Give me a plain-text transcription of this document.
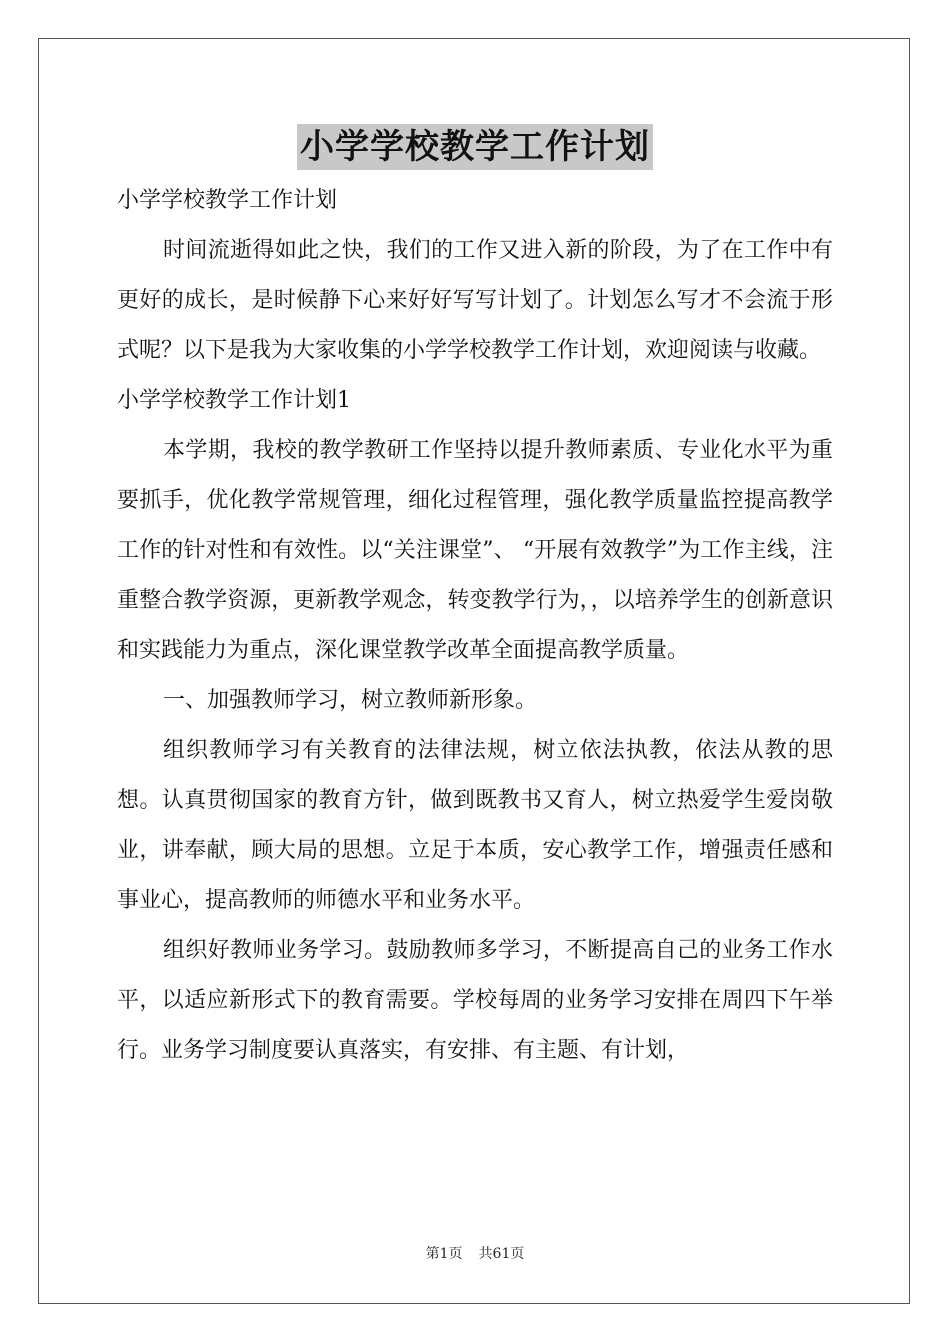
小学学校教学工作计划

小学学校教学工作计划

时间流逝得如此之快，我们的工作又进入新的阶段，为了在工作中有更好的成长，是时候静下心来好好写写计划了。计划怎么写才不会流于形式呢？以下是我为大家收集的小学学校教学工作计划，欢迎阅读与收藏。

小学学校教学工作计划1

本学期，我校的教学教研工作坚持以提升教师素质、专业化水平为重要抓手，优化教学常规管理，细化过程管理，强化教学质量监控提高教学工作的针对性和有效性。以“关注课堂”、 “开展有效教学”为工作主线，注重整合教学资源，更新教学观念，转变教学行为，，以培养学生的创新意识和实践能力为重点，深化课堂教学改革全面提高教学质量。

一、加强教师学习，树立教师新形象。

组织教师学习有关教育的法律法规，树立依法执教，依法从教的思想。认真贯彻国家的教育方针，做到既教书又育人，树立热爱学生爱岗敬业，讲奉献，顾大局的思想。立足于本质，安心教学工作，增强责任感和事业心，提高教师的师德水平和业务水平。

组织好教师业务学习。鼓励教师多学习，不断提高自己的业务工作水平，以适应新形式下的教育需要。学校每周的业务学习安排在周四下午举行。业务学习制度要认真落实，有安排、有主题、有计划，

第1页 共61页
